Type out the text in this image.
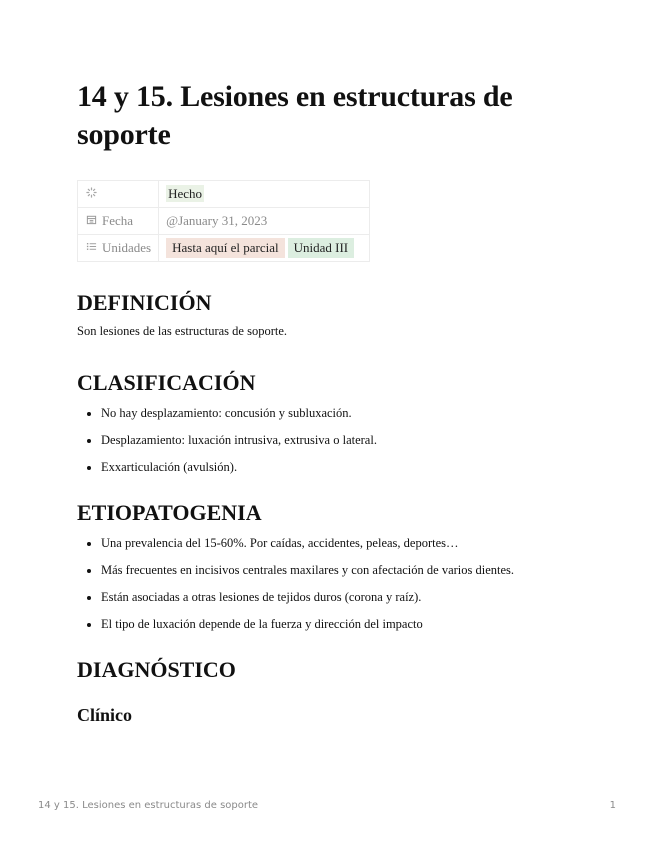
14 y 15. Lesiones en estructuras de soporte
	Hecho
Fecha	@January 31, 2023
Unidades	Hasta aquí el parcial Unidad III
DEFINICIÓN

Son lesiones de las estructuras de soporte.

CLASIFICACIÓN
• No hay desplazamiento: concusión y subluxación.
• Desplazamiento: luxación intrusiva, extrusiva o lateral.
• Exxarticulación (avulsión).
ETIOPATOGENIA
• Una prevalencia del 15-60%. Por caídas, accidentes, peleas, deportes…
• Más frecuentes en incisivos centrales maxilares y con afectación de varios dientes.
• Están asociadas a otras lesiones de tejidos duros (corona y raíz).
• El tipo de luxación depende de la fuerza y dirección del impacto
DIAGNÓSTICO
Clínico
14 y 15. Lesiones en estructuras de soporte	1
